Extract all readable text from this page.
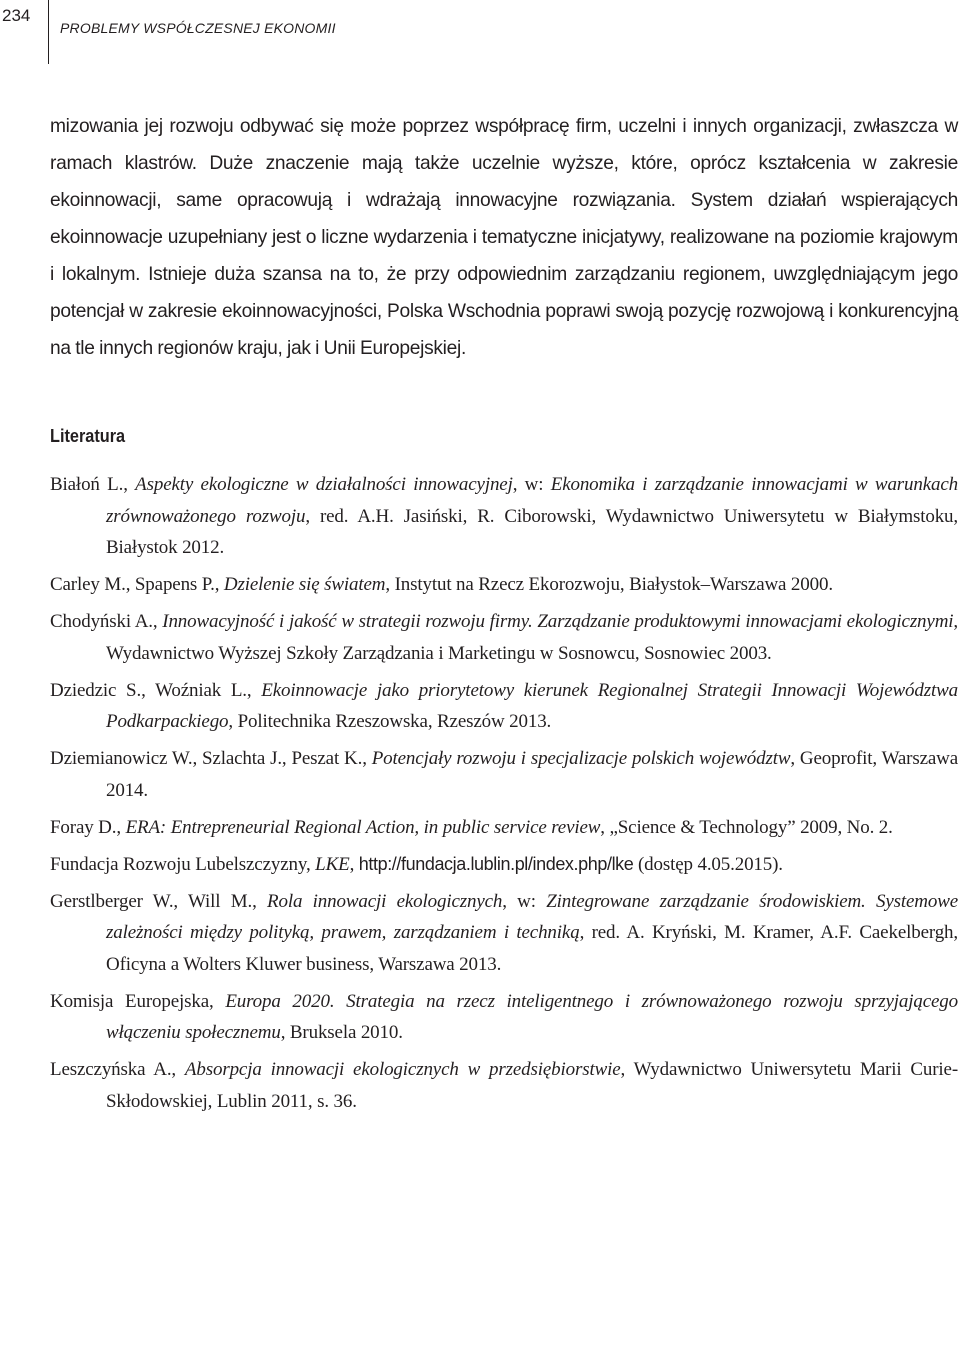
234
PROBLEMY WSPÓŁCZESNEJ EKONOMII

mizowania jej rozwoju odbywać się może poprzez współpracę firm, uczelni i innych organizacji, zwłaszcza w ramach klastrów. Duże znaczenie mają także uczelnie wyższe, które, oprócz kształcenia w zakresie ekoinnowacji, same opracowują i wdrażają innowacyjne rozwiązania. System działań wspierających ekoinnowacje uzupełniany jest o liczne wydarzenia i tematyczne inicjatywy, realizowane na poziomie krajowym i lokalnym. Istnieje duża szansa na to, że przy odpowiednim zarządzaniu regionem, uwzględniającym jego potencjał w zakresie ekoinnowacyjności, Polska Wschodnia poprawi swoją pozycję rozwojową i konkurencyjną na tle innych regionów kraju, jak i Unii Europejskiej.

Literatura
Białoń L., Aspekty ekologiczne w działalności innowacyjnej, w: Ekonomika i zarządzanie innowacjami w warunkach zrównoważonego rozwoju, red. A.H. Jasiński, R. Ciborowski, Wydawnictwo Uniwersytetu w Białymstoku, Białystok 2012.
Carley M., Spapens P., Dzielenie się światem, Instytut na Rzecz Ekorozwoju, Białystok–Warszawa 2000.
Chodyński A., Innowacyjność i jakość w strategii rozwoju firmy. Zarządzanie produktowymi innowacjami ekologicznymi, Wydawnictwo Wyższej Szkoły Zarządzania i Marketingu w Sosnowcu, Sosnowiec 2003.
Dziedzic S., Woźniak L., Ekoinnowacje jako priorytetowy kierunek Regionalnej Strategii Innowacji Województwa Podkarpackiego, Politechnika Rzeszowska, Rzeszów 2013.
Dziemianowicz W., Szlachta J., Peszat K., Potencjały rozwoju i specjalizacje polskich województw, Geoprofit, Warszawa 2014.
Foray D., ERA: Entrepreneurial Regional Action, in public service review, „Science & Technology” 2009, No. 2.
Fundacja Rozwoju Lubelszczyzny, LKE, http://fundacja.lublin.pl/index.php/lke (dostęp 4.05.2015).
Gerstlberger W., Will M., Rola innowacji ekologicznych, w: Zintegrowane zarządzanie środowiskiem. Systemowe zależności między polityką, prawem, zarządzaniem i techniką, red. A. Kryński, M. Kramer, A.F. Caekelbergh, Oficyna a Wolters Kluwer business, Warszawa 2013.
Komisja Europejska, Europa 2020. Strategia na rzecz inteligentnego i zrównoważonego rozwoju sprzyjającego włączeniu społecznemu, Bruksela 2010.
Leszczyńska A., Absorpcja innowacji ekologicznych w przedsiębiorstwie, Wydawnictwo Uniwersytetu Marii Curie-Skłodowskiej, Lublin 2011, s. 36.
